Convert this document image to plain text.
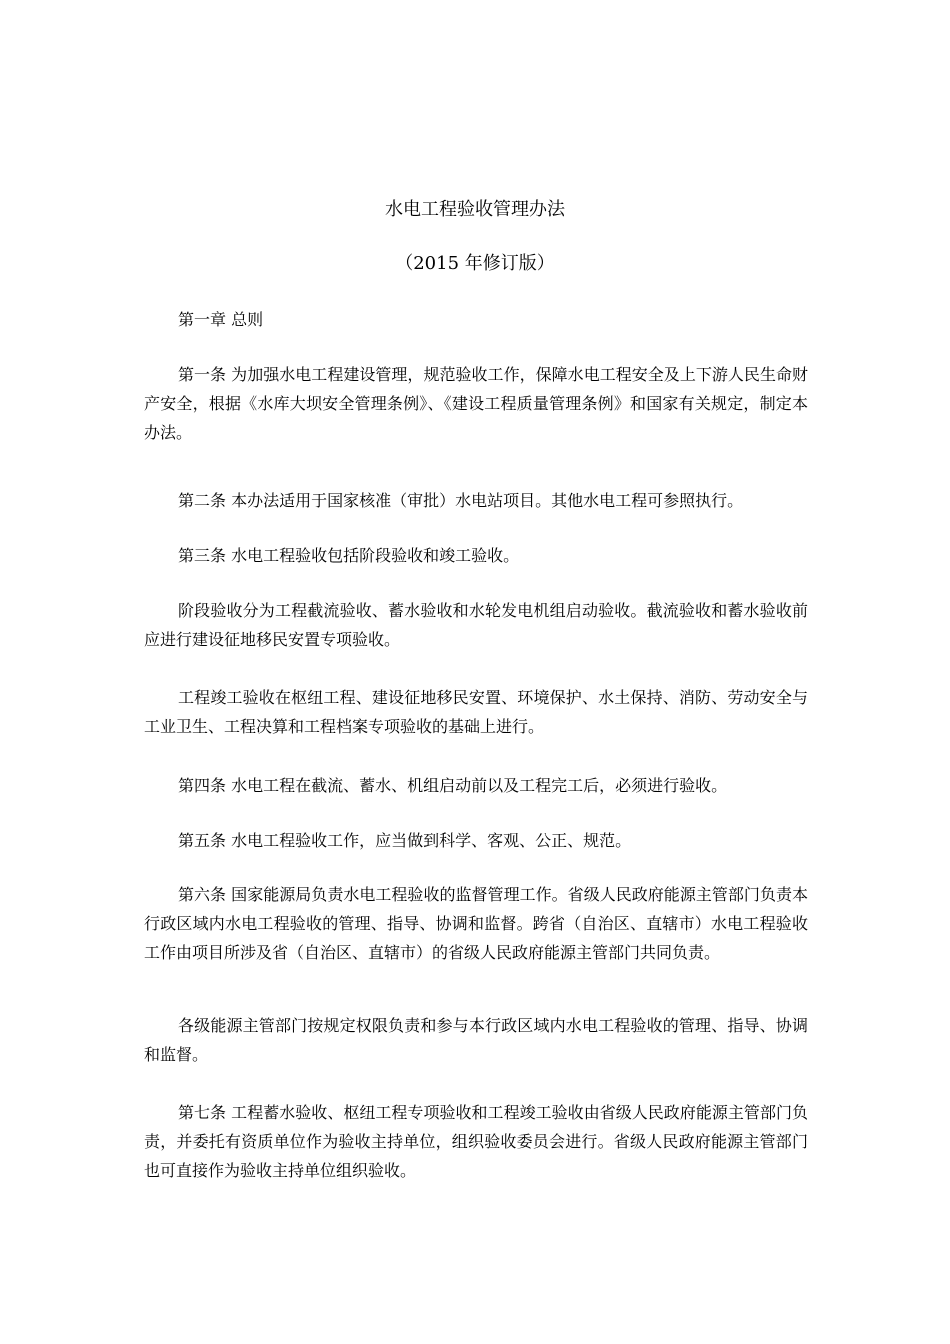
水电工程验收管理办法
（2015 年修订版）

第一章 总则

第一条 为加强水电工程建设管理，规范验收工作，保障水电工程安全及上下游人民生命财产安全，根据《水库大坝安全管理条例》、《建设工程质量管理条例》和国家有关规定，制定本办法。

第二条 本办法适用于国家核准（审批）水电站项目。其他水电工程可参照执行。

第三条 水电工程验收包括阶段验收和竣工验收。

阶段验收分为工程截流验收、蓄水验收和水轮发电机组启动验收。截流验收和蓄水验收前应进行建设征地移民安置专项验收。

工程竣工验收在枢纽工程、建设征地移民安置、环境保护、水土保持、消防、劳动安全与工业卫生、工程决算和工程档案专项验收的基础上进行。

第四条 水电工程在截流、蓄水、机组启动前以及工程完工后，必须进行验收。

第五条 水电工程验收工作，应当做到科学、客观、公正、规范。

第六条 国家能源局负责水电工程验收的监督管理工作。省级人民政府能源主管部门负责本行政区域内水电工程验收的管理、指导、协调和监督。跨省（自治区、直辖市）水电工程验收工作由项目所涉及省（自治区、直辖市）的省级人民政府能源主管部门共同负责。

各级能源主管部门按规定权限负责和参与本行政区域内水电工程验收的管理、指导、协调和监督。

第七条 工程蓄水验收、枢纽工程专项验收和工程竣工验收由省级人民政府能源主管部门负责，并委托有资质单位作为验收主持单位，组织验收委员会进行。省级人民政府能源主管部门也可直接作为验收主持单位组织验收。
